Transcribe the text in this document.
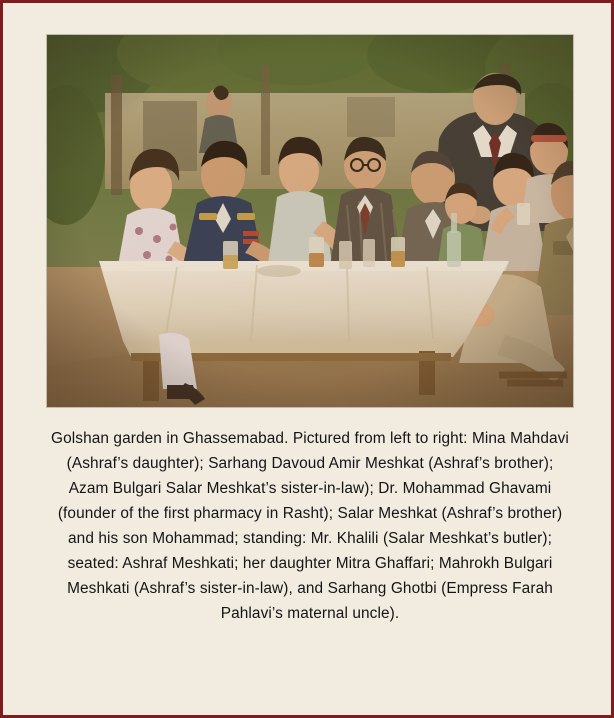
Golshan garden in Ghassemabad. Pictured from left to right: Mina Mahdavi (Ashraf’s daughter); Sarhang Davoud Amir Meshkat (Ashraf’s brother); Azam Bulgari Salar Meshkat’s sister-in-law); Dr. Mohammad Ghavami (founder of the first pharmacy in Rasht); Salar Meshkat (Ashraf’s brother) and his son Mohammad; standing: Mr. Khalili (Salar Meshkat’s butler); seated: Ashraf Meshkati; her daughter Mitra Ghaffari; Mahrokh Bulgari Meshkati (Ashraf’s sister-in-law), and Sarhang Ghotbi (Empress Farah Pahlavi’s maternal uncle).
